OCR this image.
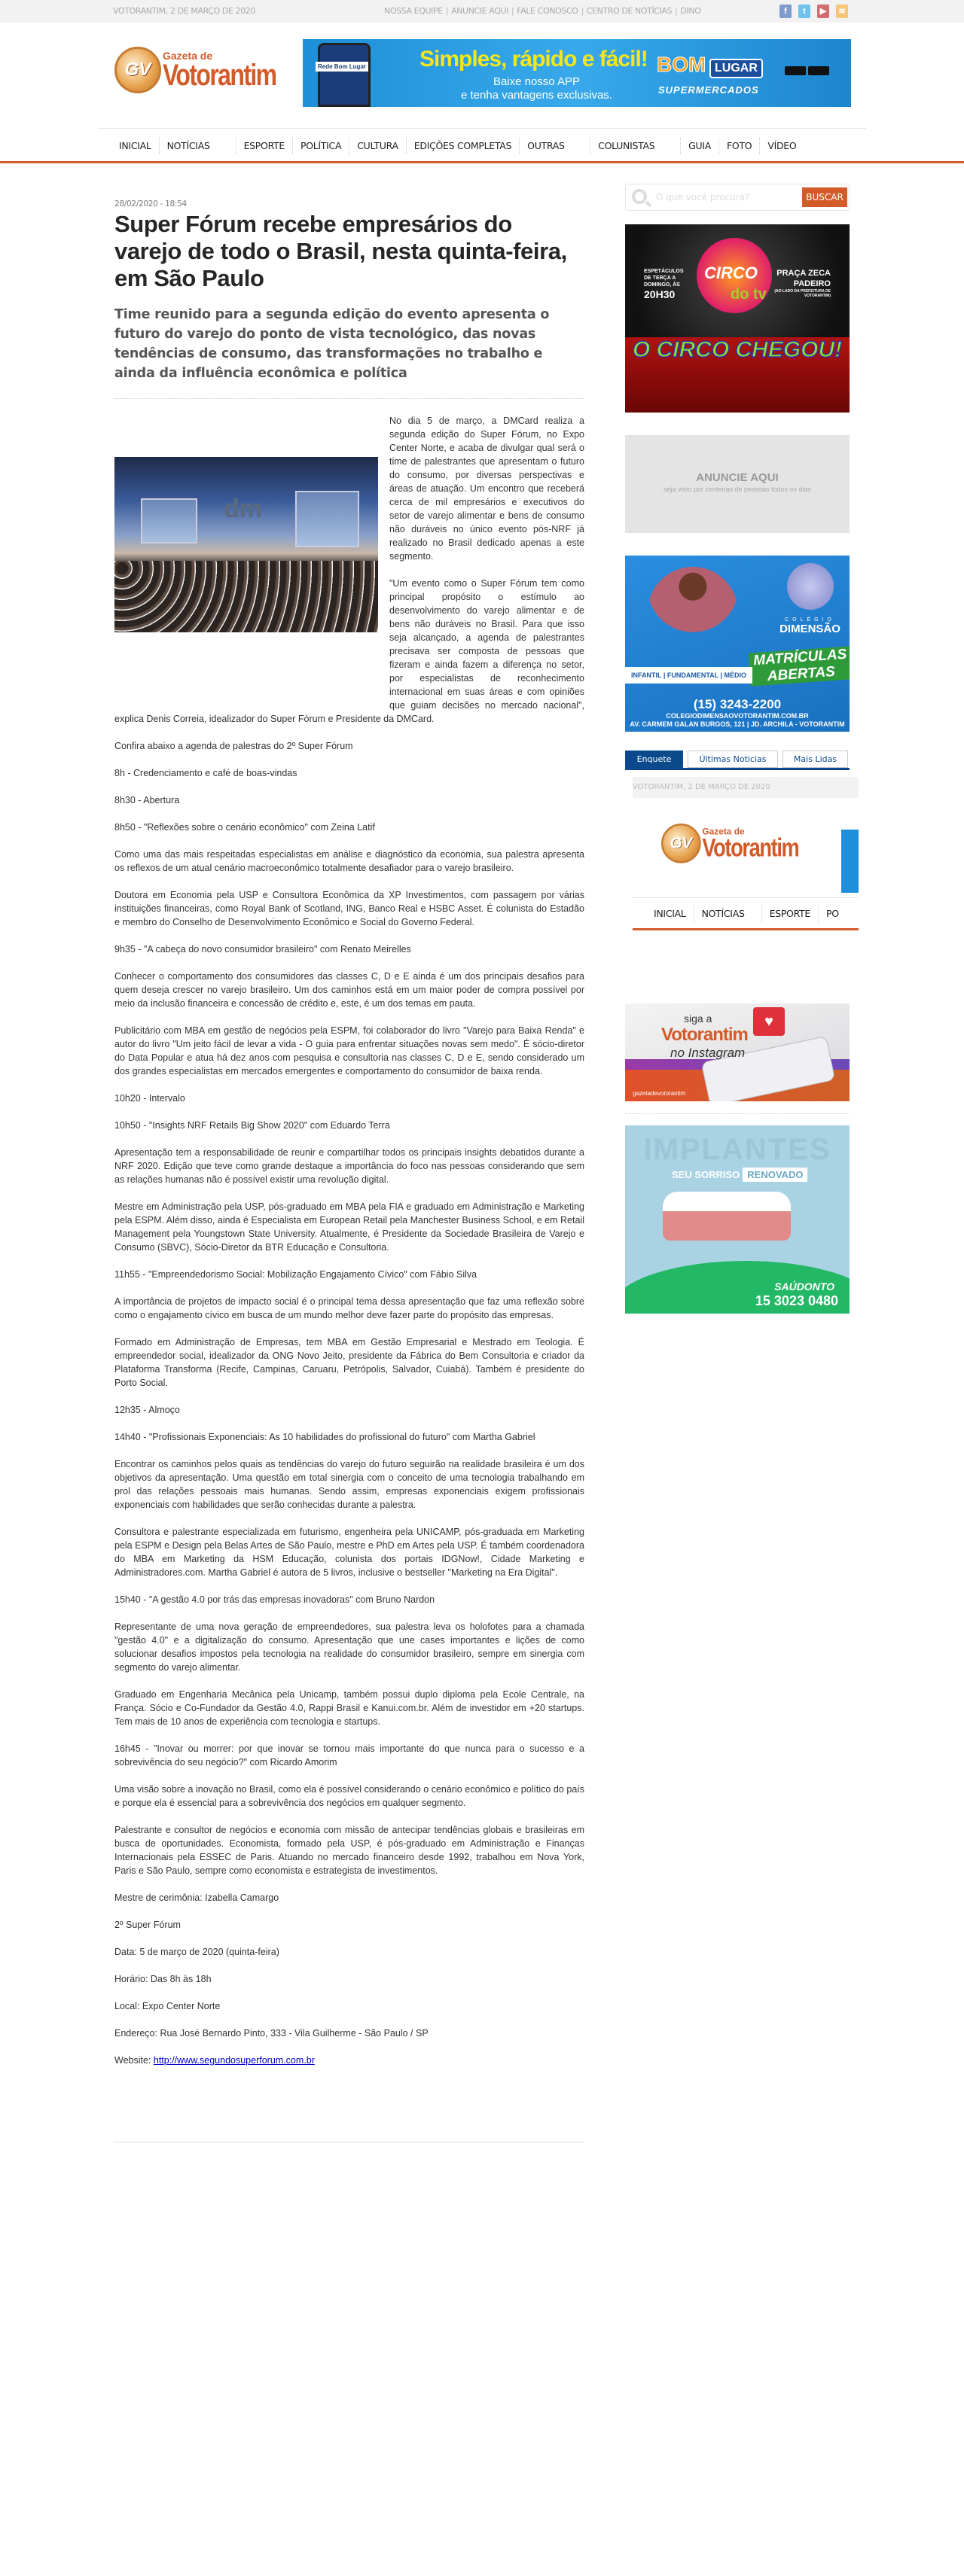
VOTORANTIM, 2 DE MARÇO DE 2020	NOSSA EQUIPE | ANUNCIE AQUI | FALE CONOSCO | CENTRO DE NOTÍCIAS | DINO	f	t	▶	≋
GV
Gazeta de
Votorantim	Rede Bom Lugar Simples, rápido e fácil!
Baixe nosso APP
e tenha vantagens exclusivas.
BOM LUGAR
SUPERMERCADOS
INICIAL	NOTÍCIAS	ESPORTE	POLÍTICA	CULTURA	EDIÇÕES COMPLETAS	OUTRAS	COLUNISTAS	GUIA	FOTO	VÍDEO
28/02/2020 - 18:54
Super Fórum recebe empresários do varejo de todo o Brasil, nesta quinta-feira, em São Paulo
Time reunido para a segunda edição do evento apresenta o futuro do varejo do ponto de vista tecnológico, das novas tendências de consumo, das transformações no trabalho e ainda da influência econômica e política
dm

No dia 5 de março, a DMCard realiza a segunda edição do Super Fórum, no Expo Center Norte, e acaba de divulgar qual será o time de palestrantes que apresentam o futuro do consumo, por diversas perspectivas e áreas de atuação. Um encontro que receberá cerca de mil empresários e executivos do setor de varejo alimentar e bens de consumo não duráveis no único evento pós-NRF já realizado no Brasil dedicado apenas a este segmento.

"Um evento como o Super Fórum tem como principal propósito o estímulo ao desenvolvimento do varejo alimentar e de bens não duráveis no Brasil. Para que isso seja alcançado, a agenda de palestrantes precisava ser composta de pessoas que fizeram e ainda fazem a diferença no setor, por especialistas de reconhecimento internacional em suas áreas e com opiniões que guiam decisões no mercado nacional", explica Denis Correia, idealizador do Super Fórum e Presidente da DMCard.

Confira abaixo a agenda de palestras do 2º Super Fórum

8h - Credenciamento e café de boas-vindas

8h30 - Abertura

8h50 - "Reflexões sobre o cenário econômico" com Zeina Latif

Como uma das mais respeitadas especialistas em análise e diagnóstico da economia, sua palestra apresenta os reflexos de um atual cenário macroeconômico totalmente desafiador para o varejo brasileiro.

Doutora em Economia pela USP e Consultora Econômica da XP Investimentos, com passagem por várias instituições financeiras, como Royal Bank of Scotland, ING, Banco Real e HSBC Asset. É colunista do Estadão e membro do Conselho de Desenvolvimento Econômico e Social do Governo Federal.

9h35 - "A cabeça do novo consumidor brasileiro" com Renato Meirelles

Conhecer o comportamento dos consumidores das classes C, D e E ainda é um dos principais desafios para quem deseja crescer no varejo brasileiro. Um dos caminhos está em um maior poder de compra possível por meio da inclusão financeira e concessão de crédito e, este, é um dos temas em pauta.

Publicitário com MBA em gestão de negócios pela ESPM, foi colaborador do livro "Varejo para Baixa Renda" e autor do livro "Um jeito fácil de levar a vida - O guia para enfrentar situações novas sem medo". É sócio-diretor do Data Popular e atua há dez anos com pesquisa e consultoria nas classes C, D e E, sendo considerado um dos grandes especialistas em mercados emergentes e comportamento do consumidor de baixa renda.

10h20 - Intervalo

10h50 - "Insights NRF Retails Big Show 2020" com Eduardo Terra

Apresentação tem a responsabilidade de reunir e compartilhar todos os principais insights debatidos durante a NRF 2020. Edição que teve como grande destaque a importância do foco nas pessoas considerando que sem as relações humanas não é possível existir uma revolução digital.

Mestre em Administração pela USP, pós-graduado em MBA pela FIA e graduado em Administração e Marketing pela ESPM. Além disso, ainda é Especialista em European Retail pela Manchester Business School, e em Retail Management pela Youngstown State University. Atualmente, é Presidente da Sociedade Brasileira de Varejo e Consumo (SBVC), Sócio-Diretor da BTR Educação e Consultoria.

11h55 - "Empreendedorismo Social: Mobilização Engajamento Cívico" com Fábio Silva

A importância de projetos de impacto social é o principal tema dessa apresentação que faz uma reflexão sobre como o engajamento cívico em busca de um mundo melhor deve fazer parte do propósito das empresas.

Formado em Administração de Empresas, tem MBA em Gestão Empresarial e Mestrado em Teologia. É empreendedor social, idealizador da ONG Novo Jeito, presidente da Fábrica do Bem Consultoria e criador da Plataforma Transforma (Recife, Campinas, Caruaru, Petrópolis, Salvador, Cuiabá). Também é presidente do Porto Social.

12h35 - Almoço

14h40 - "Profissionais Exponenciais: As 10 habilidades do profissional do futuro" com Martha Gabriel

Encontrar os caminhos pelos quais as tendências do varejo do futuro seguirão na realidade brasileira é um dos objetivos da apresentação. Uma questão em total sinergia com o conceito de uma tecnologia trabalhando em prol das relações pessoais mais humanas. Sendo assim, empresas exponenciais exigem profissionais exponenciais com habilidades que serão conhecidas durante a palestra.

Consultora e palestrante especializada em futurismo, engenheira pela UNICAMP, pós-graduada em Marketing pela ESPM e Design pela Belas Artes de São Paulo, mestre e PhD em Artes pela USP. É também coordenadora do MBA em Marketing da HSM Educação, colunista dos portais IDGNow!, Cidade Marketing e Administradores.com. Martha Gabriel é autora de 5 livros, inclusive o bestseller "Marketing na Era Digital".

15h40 - "A gestão 4.0 por trás das empresas inovadoras" com Bruno Nardon

Representante de uma nova geração de empreendedores, sua palestra leva os holofotes para a chamada "gestão 4.0" e a digitalização do consumo. Apresentação que une cases importantes e lições de como solucionar desafios impostos pela tecnologia na realidade do consumidor brasileiro, sempre em sinergia com segmento do varejo alimentar.

Graduado em Engenharia Mecânica pela Unicamp, também possui duplo diploma pela Ecole Centrale, na França. Sócio e Co-Fundador da Gestão 4.0, Rappi Brasil e Kanui.com.br. Além de investidor em +20 startups. Tem mais de 10 anos de experiência com tecnologia e startups.

16h45 - "Inovar ou morrer: por que inovar se tornou mais importante do que nunca para o sucesso e a sobrevivência do seu negócio?" com Ricardo Amorim

Uma visão sobre a inovação no Brasil, como ela é possível considerando o cenário econômico e político do país e porque ela é essencial para a sobrevivência dos negócios em qualquer segmento.

Palestrante e consultor de negócios e economia com missão de antecipar tendências globais e brasileiras em busca de oportunidades. Economista, formado pela USP, é pós-graduado em Administração e Finanças Internacionais pela ESSEC de Paris. Atuando no mercado financeiro desde 1992, trabalhou em Nova York, Paris e São Paulo, sempre como economista e estrategista de investimentos.

Mestre de cerimônia: Izabella Camargo

2º Super Fórum

Data: 5 de março de 2020 (quinta-feira)

Horário: Das 8h às 18h

Local: Expo Center Norte

Endereço: Rua José Bernardo Pinto, 333 - Vila Guilherme - São Paulo / SP

Website: http://www.segundosuperforum.com.br

O que você procura?	BUSCAR
CIRCO
do tv
ESPETÁCULOS DE TERÇA A DOMINGO, ÀS
20H30
PRAÇA ZECA PADEIRO
(AO LADO DA PREFEITURA DE VOTORANTIM)
O CIRCO CHEGOU!
ANUNCIE AQUI
seja visto por centenas de pessoas todos os dias
COLÉGIO
DIMENSÃO
MATRÍCULAS ABERTAS
INFANTIL | FUNDAMENTAL | MÉDIO
(15) 3243-2200
COLEGIODIMENSAOVOTORANTIM.COM.BR
AV. CARMEM GALAN BURGOS, 121 | JD. ARCHILA - VOTORANTIM
Enquete	Últimas Noticias	Mais Lidas
VOTORANTIM, 2 DE MARÇO DE 2020
GV
Gazeta de
Votorantim
INICIAL	NOTÍCIAS	ESPORTE	PO
♥
siga a
Votorantim
no Instagram
gazetadevotorantim
IMPLANTES
SEU SORRISO RENOVADO
SAÚDONTO
15 3023 0480
